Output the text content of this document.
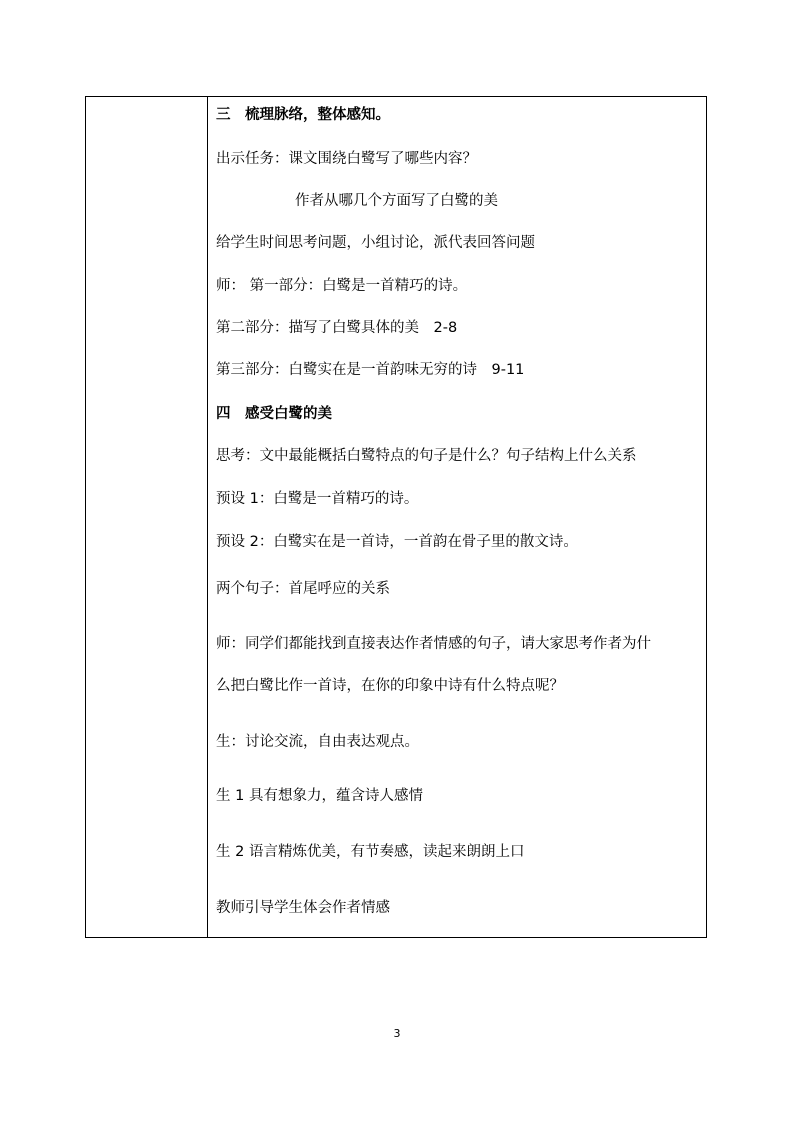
三　梳理脉络，整体感知。
出示任务：课文围绕白鹭写了哪些内容？
作者从哪几个方面写了白鹭的美
给学生时间思考问题，小组讨论，派代表回答问题
师： 第一部分：白鹭是一首精巧的诗。
第二部分：描写了白鹭具体的美　2-8
第三部分：白鹭实在是一首韵味无穷的诗　9-11
四　感受白鹭的美
思考：文中最能概括白鹭特点的句子是什么？句子结构上什么关系
预设 1：白鹭是一首精巧的诗。
预设 2：白鹭实在是一首诗，一首韵在骨子里的散文诗。
两个句子：首尾呼应的关系
师：同学们都能找到直接表达作者情感的句子，请大家思考作者为什
么把白鹭比作一首诗，在你的印象中诗有什么特点呢？
生：讨论交流，自由表达观点。
生 1 具有想象力，蕴含诗人感情
生 2 语言精炼优美，有节奏感，读起来朗朗上口
教师引导学生体会作者情感
3
